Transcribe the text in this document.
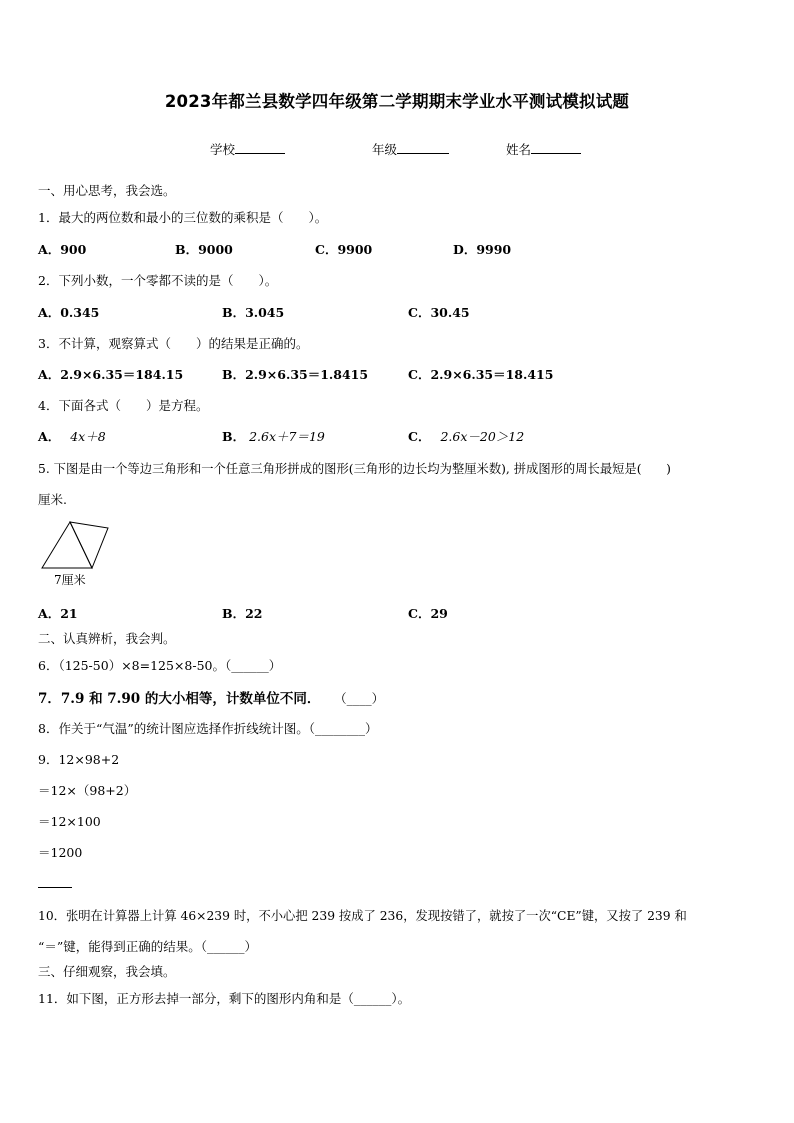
2023年都兰县数学四年级第二学期期末学业水平测试模拟试题
学校	年级	姓名
一、用心思考，我会选。
1．最大的两位数和最小的三位数的乘积是（　　）。
A．900	B．9000	C．9900	D．9990
2．下列小数，一个零都不读的是（　　）。
A．0.345	B．3.045	C．30.45
3．不计算，观察算式（　　）的结果是正确的。
A．2.9×6.35＝184.15	B．2.9×6.35＝1.8415	C．2.9×6.35＝18.415
4．下面各式（　　）是方程。
A． 4x＋8	B． 2.6x＋7＝19	C． 2.6x－20＞12
5. 下图是由一个等边三角形和一个任意三角形拼成的图形(三角形的边长均为整厘米数), 拼成图形的周长最短是(　　)
厘米.
7厘米
A．21	B．22	C．29
二、认真辨析，我会判。
6．（125-50）×8=125×8-50。（______）
7．7.9 和 7.90 的大小相等，计数单位不同． （____）
8．作关于“气温”的统计图应选择作折线统计图。（________）
9．12×98+2
＝12×（98+2）
＝12×100
＝1200
10．张明在计算器上计算 46×239 时，不小心把 239 按成了 236，发现按错了，就按了一次“CE”键，又按了 239 和
“＝”键，能得到正确的结果。（______）
三、仔细观察，我会填。
11．如下图，正方形去掉一部分，剩下的图形内角和是（______）。
